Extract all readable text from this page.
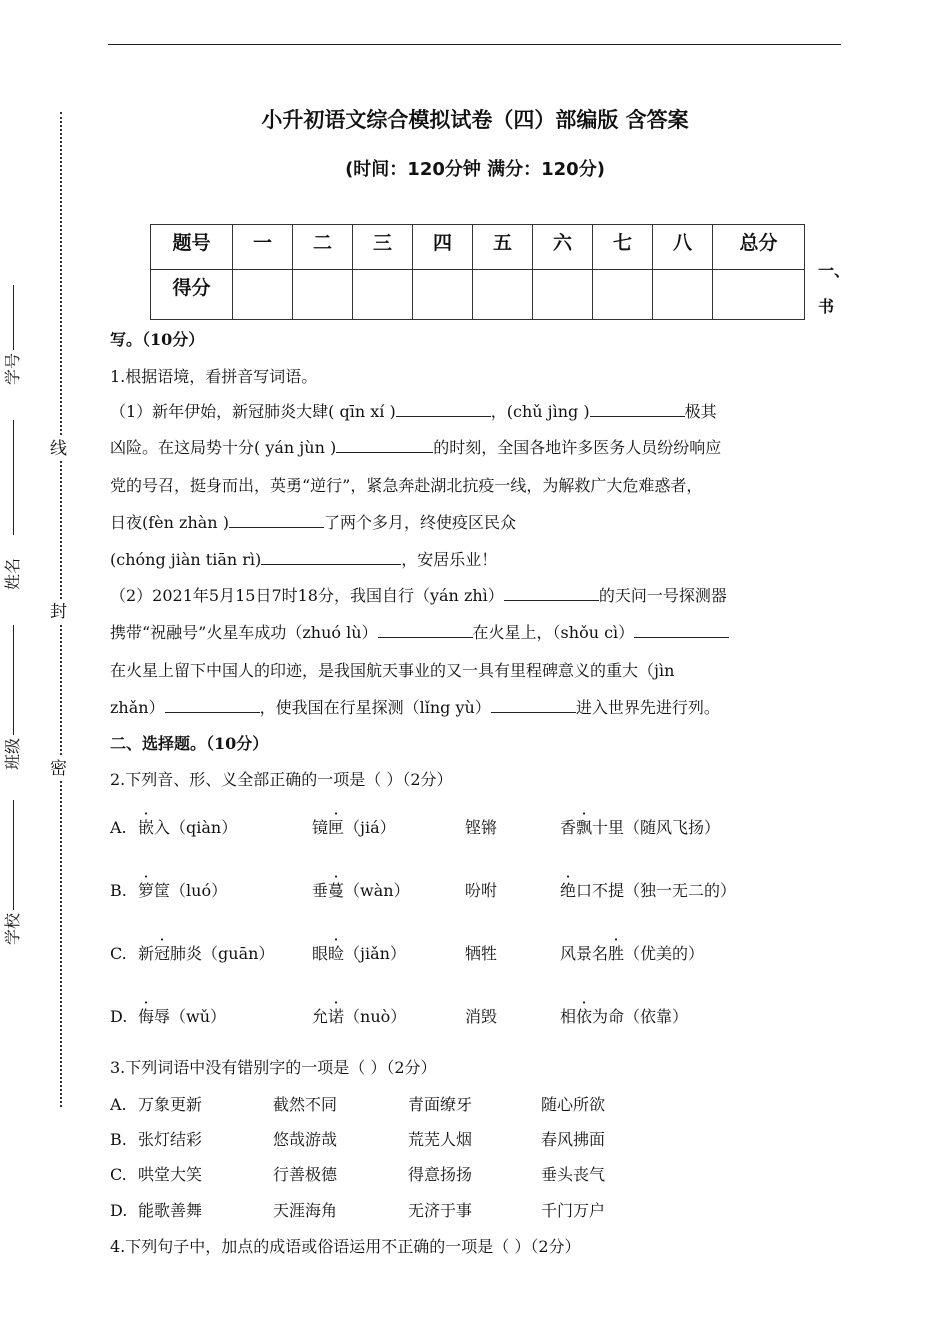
学号
姓名
班级
学校
线
封
密
小升初语文综合模拟试卷（四）部编版 含答案
(时间：120分钟 满分：120分)
题号	一	二	三	四	五	六	七	八	总分
得分									
一、
书
写。（10分）
1.根据语境，看拼音写词语。
（1）新年伊始，新冠肺炎大肆( qīn xí )	，(chǔ jìng )	极其
凶险。在这局势十分( yán jùn )	的时刻，全国各地许多医务人员纷纷响应
党的号召，挺身而出，英勇“逆行”，紧急奔赴湖北抗疫一线，为解救广大危难惑者，
日夜(fèn zhàn )	了两个多月，终使疫区民众
(chóng jiàn tiān rì)	，安居乐业！
（2）2021年5月15日7时18分，我国自行（yán zhì）	的天问一号探测器
携带“祝融号”火星车成功（zhuó lù）	在火星上，（shǒu cì）
在火星上留下中国人的印迹，是我国航天事业的又一具有里程碑意义的重大（jìn
zhǎn）	，使我国在行星探测（lǐng yù）	进入世界先进行列。
二、选择题。（10分）
2.下列音、形、义全部正确的一项是（ ）（2分）
A. 嵌入（qiàn）	镜匣（jiá）	铿锵	香飘十里（随风飞扬）
B. 箩筐（luó）	垂蔓（wàn）	吩咐	绝口不提（独一无二的）
C. 新冠肺炎（guān） 眼睑（jiǎn）	牺牲	风景名胜（优美的）
D. 侮辱（wǔ）	允诺（nuò）	消毁	相依为命（依靠）
3.下列词语中没有错别字的一项是（ ）（2分）
A. 万象更新	截然不同	青面缭牙	随心所欲
B. 张灯结彩	悠哉游哉	荒芜人烟	春风拂面
C. 哄堂大笑	行善极德	得意扬扬	垂头丧气
D. 能歌善舞	天涯海角	无济于事	千门万户
4.下列句子中，加点的成语或俗语运用不正确的一项是（ ）（2分）
